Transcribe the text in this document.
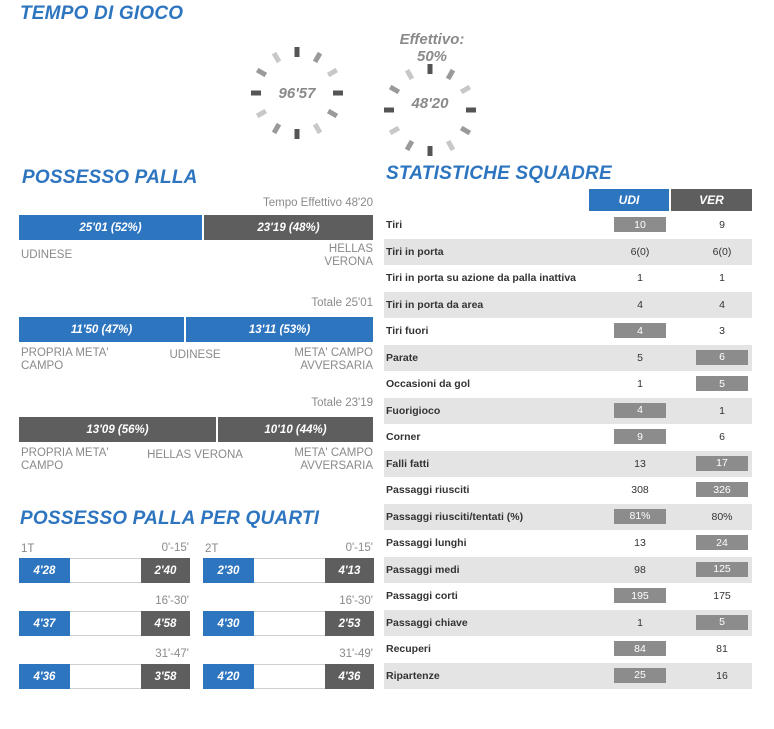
TEMPO DI GIOCO
96'57
Effettivo:
50%
48'20
POSSESSO PALLA
Tempo Effettivo 48'20
25'01 (52%)	23'19 (48%)
UDINESE	HELLAS VERONA
Totale 25'01
11'50 (47%)	13'11 (53%)
PROPRIA META' CAMPO
UDINESE	META' CAMPO AVVERSARIA
Totale 23'19
13'09 (56%)	10'10 (44%)
PROPRIA META' CAMPO
HELLAS VERONA	META' CAMPO AVVERSARIA
POSSESSO PALLA PER QUARTI
1T	2T
0'-15'
4'28	2'40
16'-30'
4'37	4'58
31'-47'
4'36	3'58
0'-15'
2'30	4'13
16'-30'
4'30	2'53
31'-49'
4'20	4'36
STATISTICHE SQUADRE
UDI	VER
Tiri	10	9
Tiri in porta	6(0)	6(0)
Tiri in porta su azione da palla inattiva	1	1
Tiri in porta da area	4	4
Tiri fuori	4	3
Parate	5	6
Occasioni da gol	1	5
Fuorigioco	4	1
Corner	9	6
Falli fatti	13	17
Passaggi riusciti	308	326
Passaggi riusciti/tentati (%)	81%	80%
Passaggi lunghi	13	24
Passaggi medi	98	125
Passaggi corti	195	175
Passaggi chiave	1	5
Recuperi	84	81
Ripartenze	25	16
